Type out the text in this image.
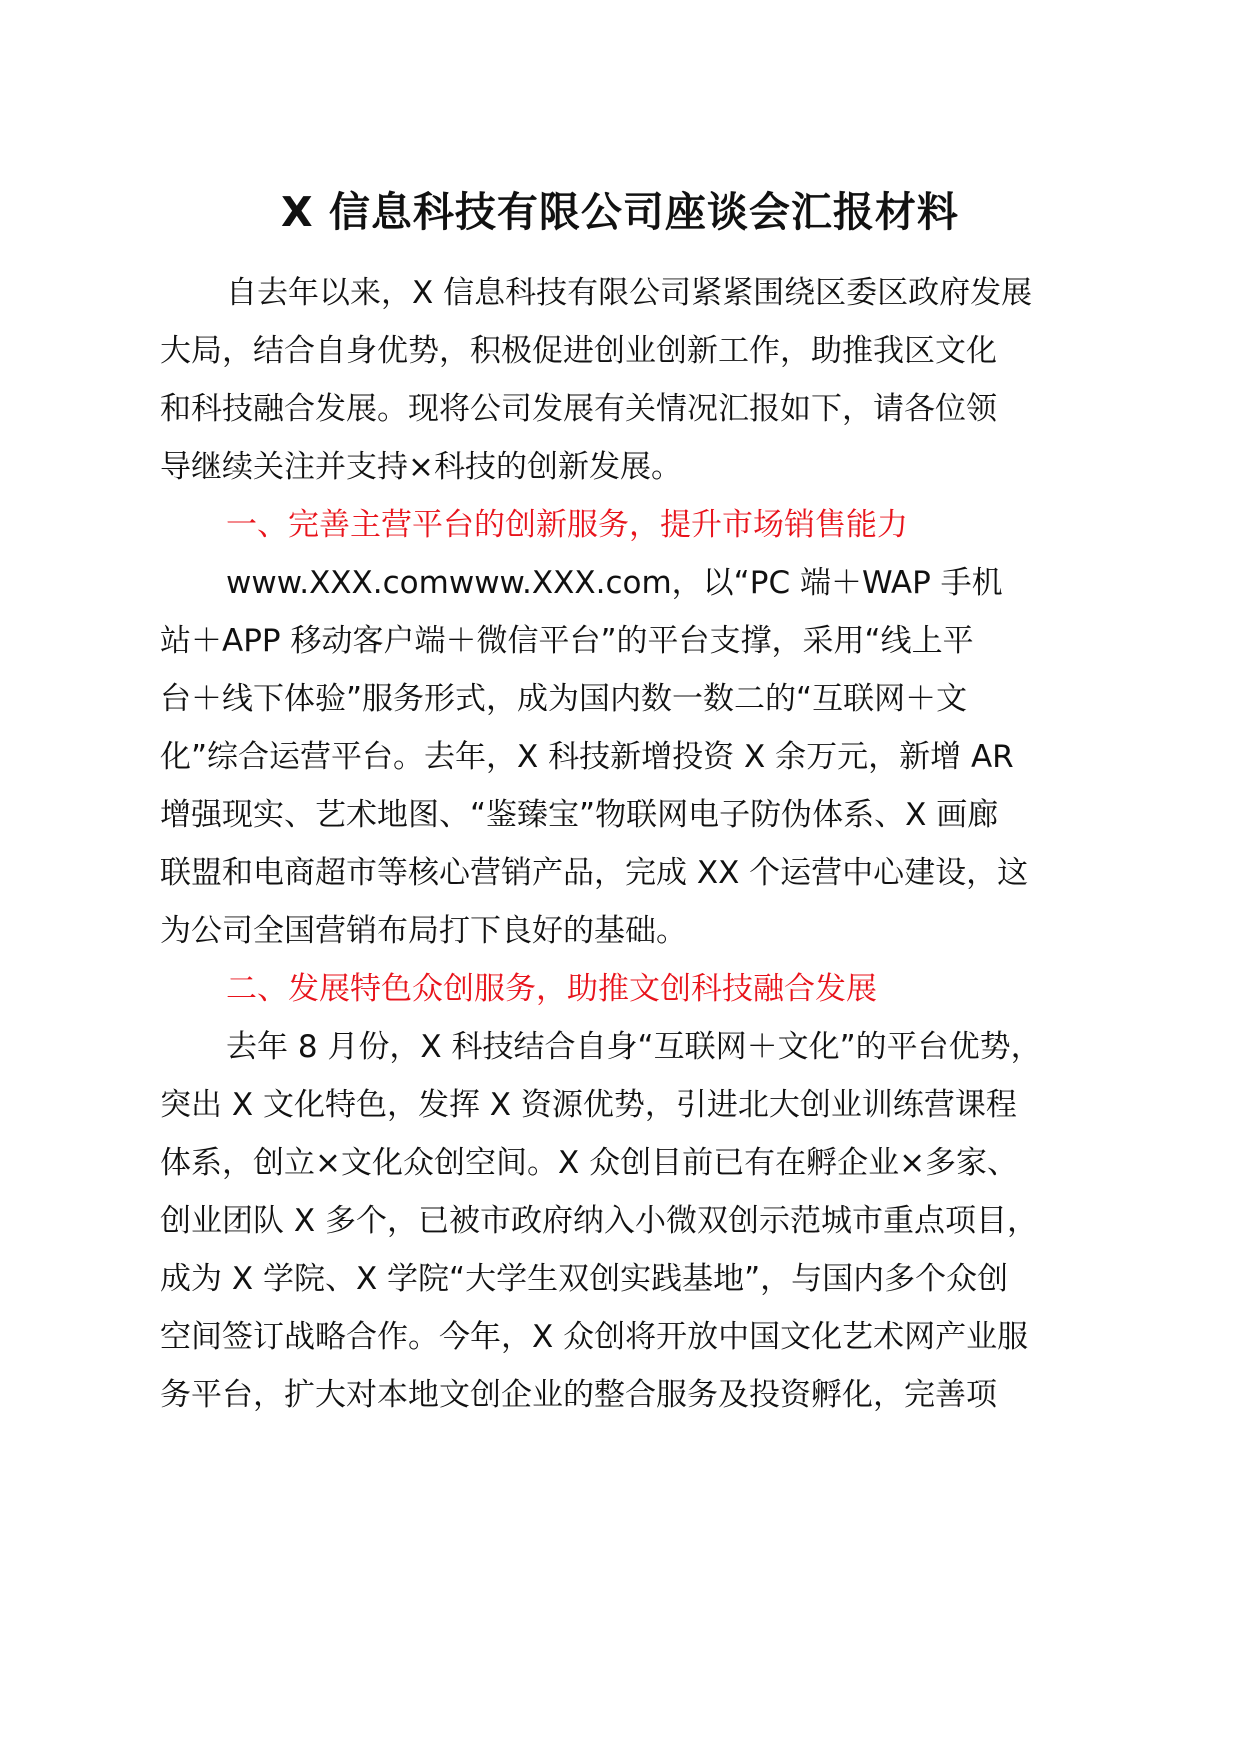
X 信息科技有限公司座谈会汇报材料
自去年以来，X 信息科技有限公司紧紧围绕区委区政府发展
大局，结合自身优势，积极促进创业创新工作，助推我区文化
和科技融合发展。现将公司发展有关情况汇报如下，请各位领
导继续关注并支持×科技的创新发展。
一、完善主营平台的创新服务，提升市场销售能力
www.XXX.comwww.XXX.com，以“PC 端＋WAP 手机
站＋APP 移动客户端＋微信平台”的平台支撑，采用“线上平
台＋线下体验”服务形式，成为国内数一数二的“互联网＋文
化”综合运营平台。去年，X 科技新增投资 X 余万元，新增 AR
增强现实、艺术地图、“鉴臻宝”物联网电子防伪体系、X 画廊
联盟和电商超市等核心营销产品，完成 XX 个运营中心建设，这
为公司全国营销布局打下良好的基础。
二、发展特色众创服务，助推文创科技融合发展
去年 8 月份，X 科技结合自身“互联网＋文化”的平台优势，
突出 X 文化特色，发挥 X 资源优势，引进北大创业训练营课程
体系，创立×文化众创空间。X 众创目前已有在孵企业×多家、
创业团队 X 多个，已被市政府纳入小微双创示范城市重点项目，
成为 X 学院、X 学院“大学生双创实践基地”，与国内多个众创
空间签订战略合作。今年，X 众创将开放中国文化艺术网产业服
务平台，扩大对本地文创企业的整合服务及投资孵化，完善项
